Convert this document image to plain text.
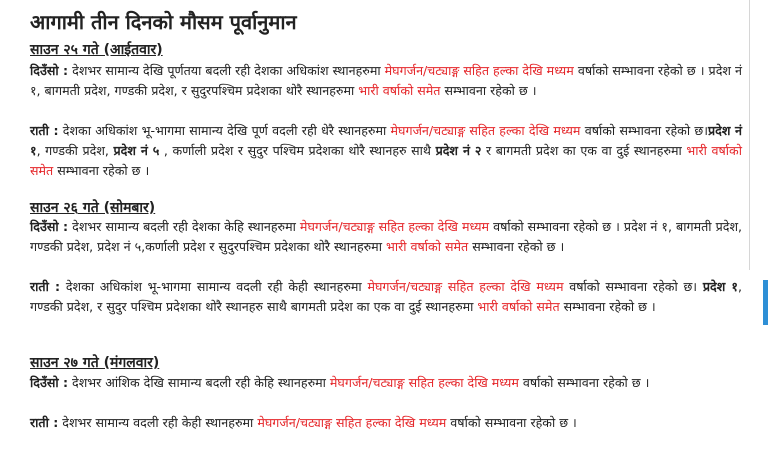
आगामी तीन दिनको मौसम पूर्वानुमान
साउन २५ गते (आईतवार)

दिउँसो : देशभर सामान्य देखि पूर्णतया बदली रही देशका अधिकांश स्थानहरुमा मेघगर्जन/चट्याङ्ग सहित हल्का देखि मध्यम वर्षाको सम्भावना रहेको छ । प्रदेश नं १, बागमती प्रदेश, गण्डकी प्रदेश, र सुदुरपश्चिम प्रदेशका थोरै स्थानहरुमा भारी वर्षाको समेत सम्भावना रहेको छ ।

राती : देशका अधिकांश भू-भागमा सामान्य देखि पूर्ण वदली रही धेरै स्थानहरुमा मेघगर्जन/चट्याङ्ग सहित हल्का देखि मध्यम वर्षाको सम्भावना रहेको छ।प्रदेश नं १, गण्डकी प्रदेश, प्रदेश नं ५ , कर्णाली प्रदेश र सुदुर पश्चिम प्रदेशका थोरै स्थानहरु साथै प्रदेश नं २ र बागमती प्रदेश का एक वा दुई स्थानहरुमा भारी वर्षाको समेत सम्भावना रहेको छ ।

साउन २६ गते (सोमबार)

दिउँसो : देशभर सामान्य बदली रही देशका केहि स्थानहरुमा मेघगर्जन/चट्याङ्ग सहित हल्का देखि मध्यम वर्षाको सम्भावना रहेको छ । प्रदेश नं १, बागमती प्रदेश, गण्डकी प्रदेश, प्रदेश नं ५,कर्णाली प्रदेश र सुदुरपश्चिम प्रदेशका थोरै स्थानहरुमा भारी वर्षाको समेत सम्भावना रहेको छ ।

राती : देशका अधिकांश भू-भागमा सामान्य वदली रही केही स्थानहरुमा मेघगर्जन/चट्याङ्ग सहित हल्का देखि मध्यम वर्षाको सम्भावना रहेको छ। प्रदेश १, गण्डकी प्रदेश, र सुदुर पश्चिम प्रदेशका थोरै स्थानहरु साथै बागमती प्रदेश का एक वा दुई स्थानहरुमा भारी वर्षाको समेत सम्भावना रहेको छ ।

साउन २७ गते (मंगलवार)

दिउँसो : देशभर आंशिक देखि सामान्य बदली रही केहि स्थानहरुमा मेघगर्जन/चट्याङ्ग सहित हल्का देखि मध्यम वर्षाको सम्भावना रहेको छ ।

राती : देशभर सामान्य वदली रही केही स्थानहरुमा मेघगर्जन/चट्याङ्ग सहित हल्का देखि मध्यम वर्षाको सम्भावना रहेको छ ।
